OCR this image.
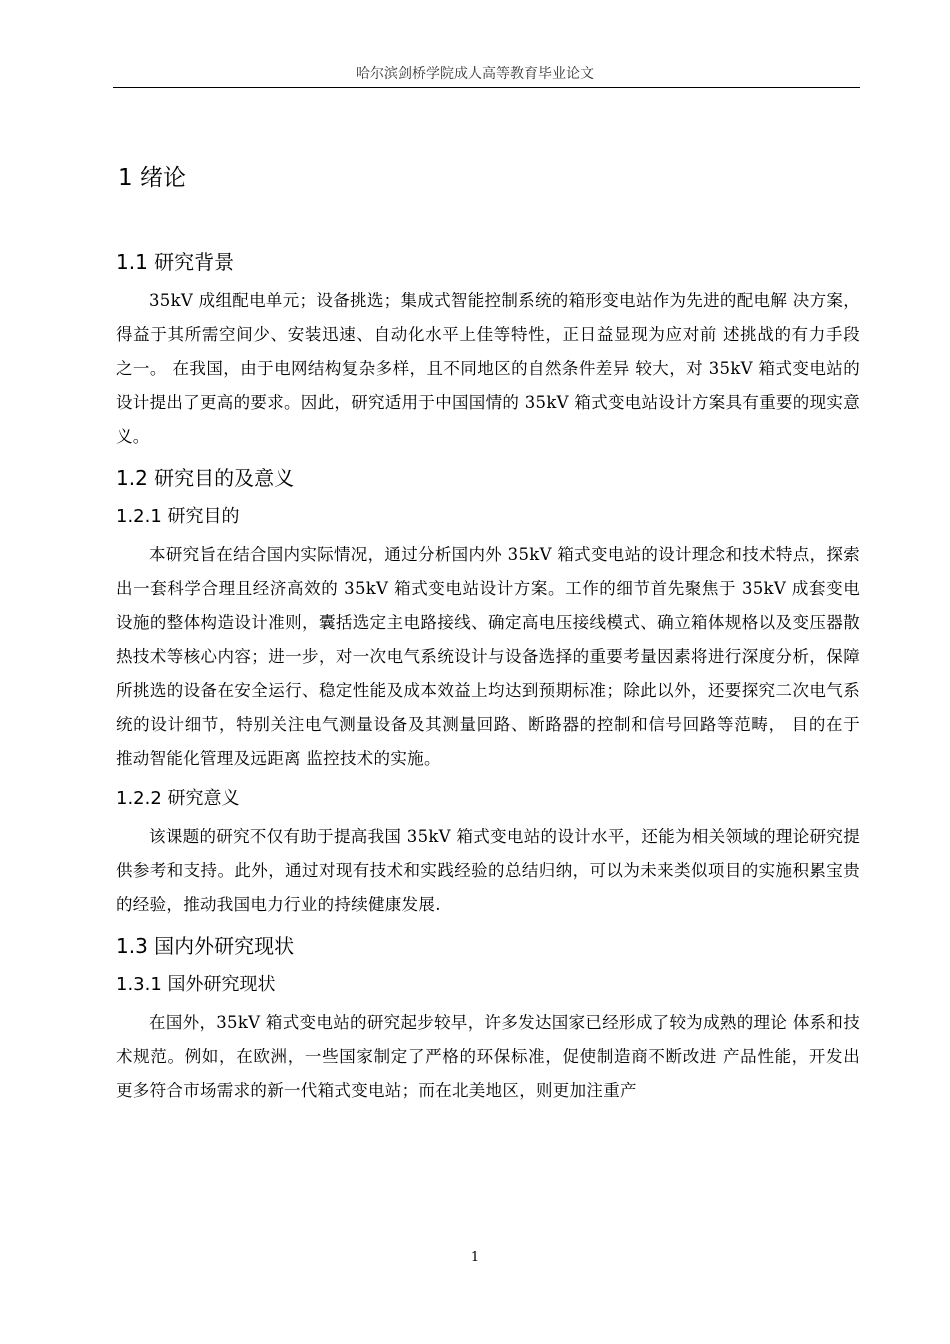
哈尔滨剑桥学院成人高等教育毕业论文
1 绪论
1.1 研究背景

35kV 成组配电单元；设备挑选；集成式智能控制系统的箱形变电站作为先进的配电解 决方案，得益于其所需空间少、安装迅速、自动化水平上佳等特性，正日益显现为应对前 述挑战的有力手段之一。 在我国，由于电网结构复杂多样，且不同地区的自然条件差异 较大，对 35kV 箱式变电站的设计提出了更高的要求。因此，研究适用于中国国情的 35kV 箱式变电站设计方案具有重要的现实意义。

1.2 研究目的及意义
1.2.1 研究目的

本研究旨在结合国内实际情况，通过分析国内外 35kV 箱式变电站的设计理念和技术特点，探索出一套科学合理且经济高效的 35kV 箱式变电站设计方案。工作的细节首先聚焦于 35kV 成套变电设施的整体构造设计准则，囊括选定主电路接线、确定高电压接线模式、确立箱体规格以及变压器散热技术等核心内容；进一步，对一次电气系统设计与设备选择的重要考量因素将进行深度分析，保障所挑选的设备在安全运行、稳定性能及成本效益上均达到预期标准；除此以外，还要探究二次电气系统的设计细节，特别关注电气测量设备及其测量回路、断路器的控制和信号回路等范畴， 目的在于推动智能化管理及远距离 监控技术的实施。

1.2.2 研究意义

该课题的研究不仅有助于提高我国 35kV 箱式变电站的设计水平，还能为相关领域的理论研究提供参考和支持。此外，通过对现有技术和实践经验的总结归纳，可以为未来类似项目的实施积累宝贵的经验，推动我国电力行业的持续健康发展.

1.3 国内外研究现状
1.3.1 国外研究现状

在国外，35kV 箱式变电站的研究起步较早，许多发达国家已经形成了较为成熟的理论 体系和技术规范。例如，在欧洲，一些国家制定了严格的环保标准，促使制造商不断改进 产品性能，开发出更多符合市场需求的新一代箱式变电站；而在北美地区，则更加注重产

1
